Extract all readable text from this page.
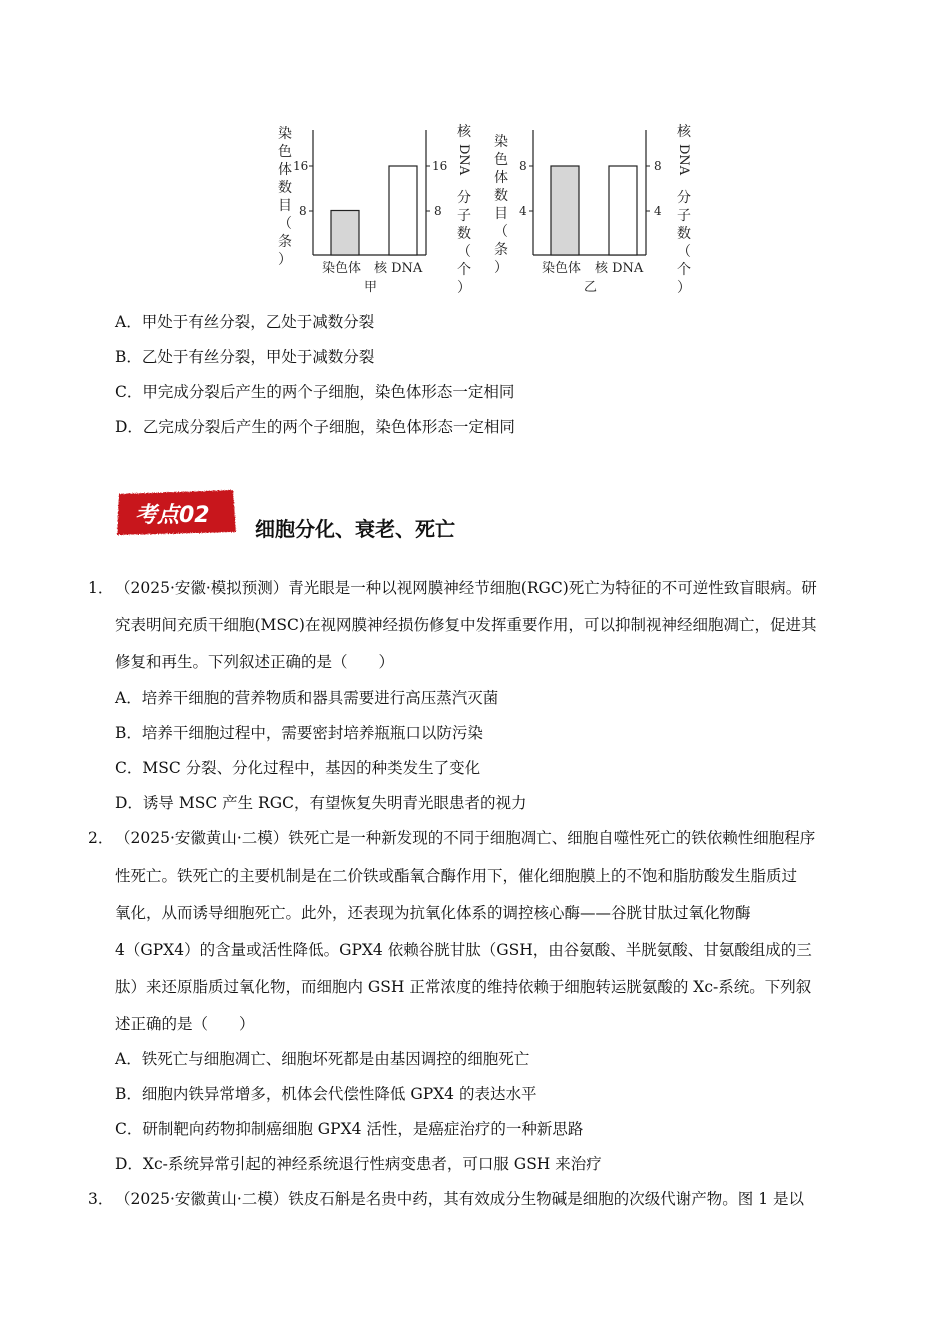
染
色
体
数
目
（
条
）
16
8
16
8
染色体 核 DNA
甲
核
DNA
分
子
数
（
个
）
染
色
体
数
目
（
条
）
8
4
8
4
染色体 核 DNA
乙
核
DNA
分
子
数
（
个
）
A．甲处于有丝分裂，乙处于减数分裂
B．乙处于有丝分裂，甲处于减数分裂
C．甲完成分裂后产生的两个子细胞，染色体形态一定相同
D．乙完成分裂后产生的两个子细胞，染色体形态一定相同
考点02
细胞分化、衰老、死亡
1． （2025·安徽·模拟预测）青光眼是一种以视网膜神经节细胞(RGC)死亡为特征的不可逆性致盲眼病。研
究表明间充质干细胞(MSC)在视网膜神经损伤修复中发挥重要作用，可以抑制视神经细胞凋亡，促进其
修复和再生。下列叙述正确的是（　　）
A．培养干细胞的营养物质和器具需要进行高压蒸汽灭菌
B．培养干细胞过程中，需要密封培养瓶瓶口以防污染
C．MSC 分裂、分化过程中，基因的种类发生了变化
D．诱导 MSC 产生 RGC，有望恢复失明青光眼患者的视力
2． （2025·安徽黄山·二模）铁死亡是一种新发现的不同于细胞凋亡、细胞自噬性死亡的铁依赖性细胞程序
性死亡。铁死亡的主要机制是在二价铁或酯氧合酶作用下，催化细胞膜上的不饱和脂肪酸发生脂质过
氧化，从而诱导细胞死亡。此外，还表现为抗氧化体系的调控核心酶——谷胱甘肽过氧化物酶
4（GPX4）的含量或活性降低。GPX4 依赖谷胱甘肽（GSH，由谷氨酸、半胱氨酸、甘氨酸组成的三
肽）来还原脂质过氧化物，而细胞内 GSH 正常浓度的维持依赖于细胞转运胱氨酸的 Xc-系统。下列叙
述正确的是（　　）
A．铁死亡与细胞凋亡、细胞坏死都是由基因调控的细胞死亡
B．细胞内铁异常增多，机体会代偿性降低 GPX4 的表达水平
C．研制靶向药物抑制癌细胞 GPX4 活性，是癌症治疗的一种新思路
D．Xc-系统异常引起的神经系统退行性病变患者，可口服 GSH 来治疗
3． （2025·安徽黄山·二模）铁皮石斛是名贵中药，其有效成分生物碱是细胞的次级代谢产物。图 1 是以
